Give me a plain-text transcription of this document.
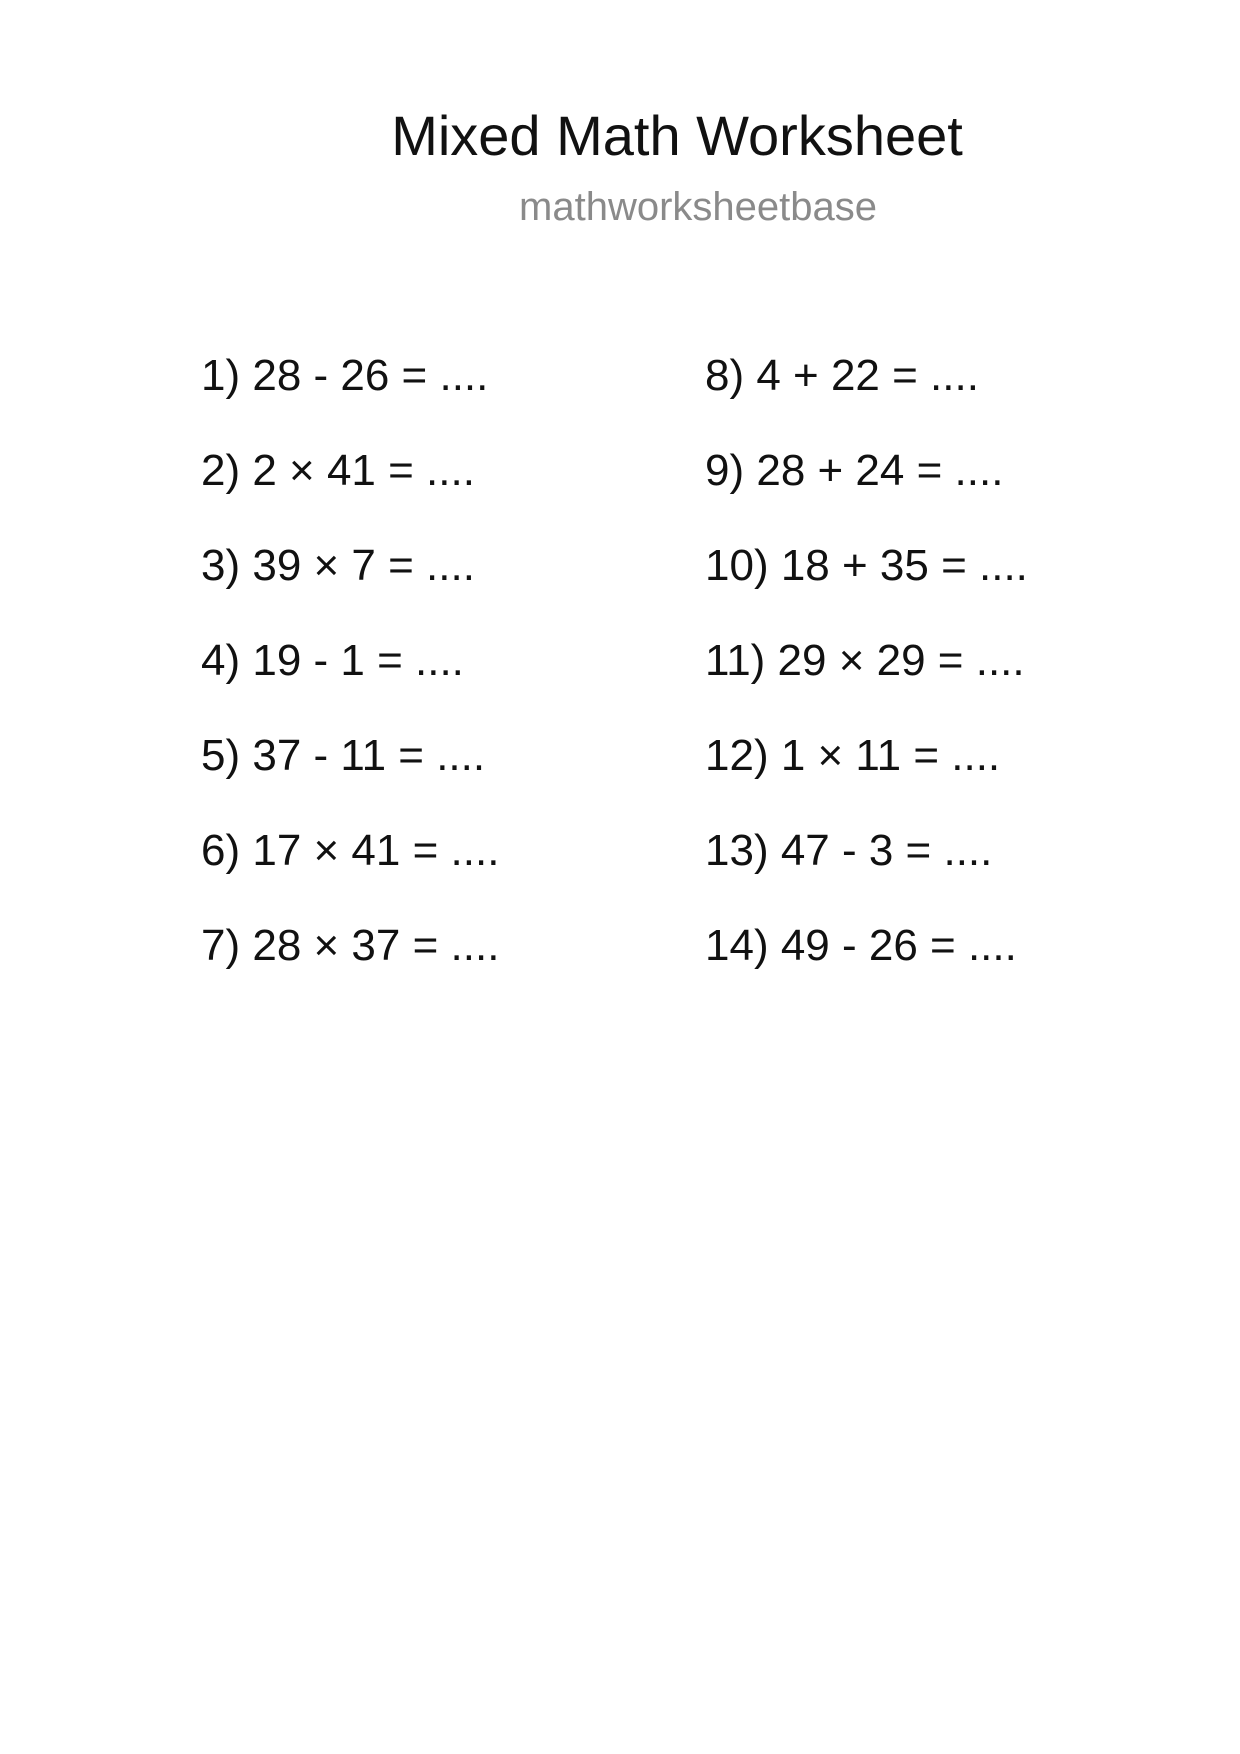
Mixed Math Worksheet
mathworksheetbase
1) 28 - 26 = ....
2) 2 × 41 = ....
3) 39 × 7 = ....
4) 19 - 1 = ....
5) 37 - 11 = ....
6) 17 × 41 = ....
7) 28 × 37 = ....
8) 4 + 22 = ....
9) 28 + 24 = ....
10) 18 + 35 = ....
11) 29 × 29 = ....
12) 1 × 11 = ....
13) 47 - 3 = ....
14) 49 - 26 = ....
